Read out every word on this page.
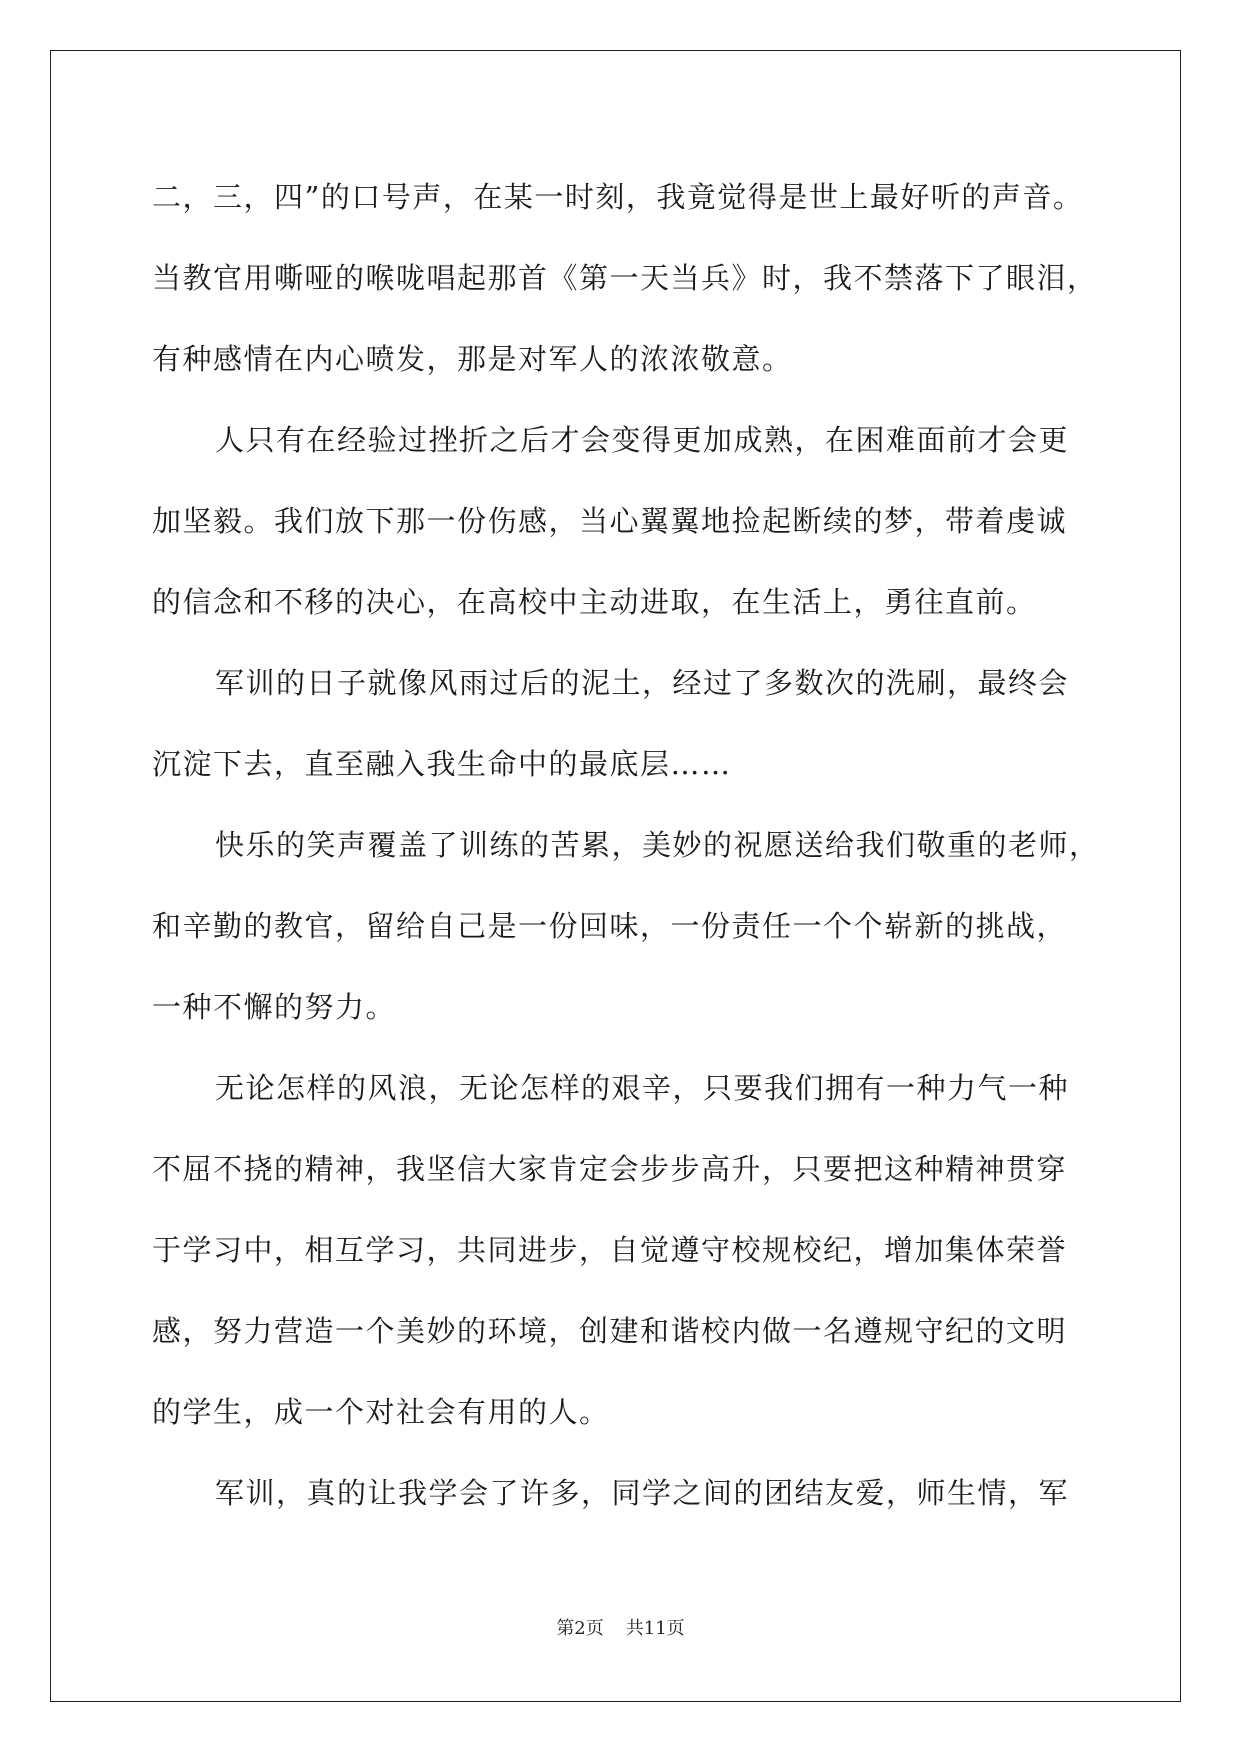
二，三，四”的口号声，在某一时刻，我竟觉得是世上最好听的声音。
当教官用嘶哑的喉咙唱起那首《第一天当兵》时，我不禁落下了眼泪，
有种感情在内心喷发，那是对军人的浓浓敬意。
人只有在经验过挫折之后才会变得更加成熟，在困难面前才会更
加坚毅。我们放下那一份伤感，当心翼翼地捡起断续的梦，带着虔诚
的信念和不移的决心，在高校中主动进取，在生活上，勇往直前。
军训的日子就像风雨过后的泥土，经过了多数次的洗刷，最终会
沉淀下去，直至融入我生命中的最底层……
快乐的笑声覆盖了训练的苦累，美妙的祝愿送给我们敬重的老师，
和辛勤的教官，留给自己是一份回味，一份责任一个个崭新的挑战，
一种不懈的努力。
无论怎样的风浪，无论怎样的艰辛，只要我们拥有一种力气一种
不屈不挠的精神，我坚信大家肯定会步步高升，只要把这种精神贯穿
于学习中，相互学习，共同进步，自觉遵守校规校纪，增加集体荣誉
感，努力营造一个美妙的环境，创建和谐校内做一名遵规守纪的文明
的学生，成一个对社会有用的人。
军训，真的让我学会了许多，同学之间的团结友爱，师生情，军
第2页 共11页
